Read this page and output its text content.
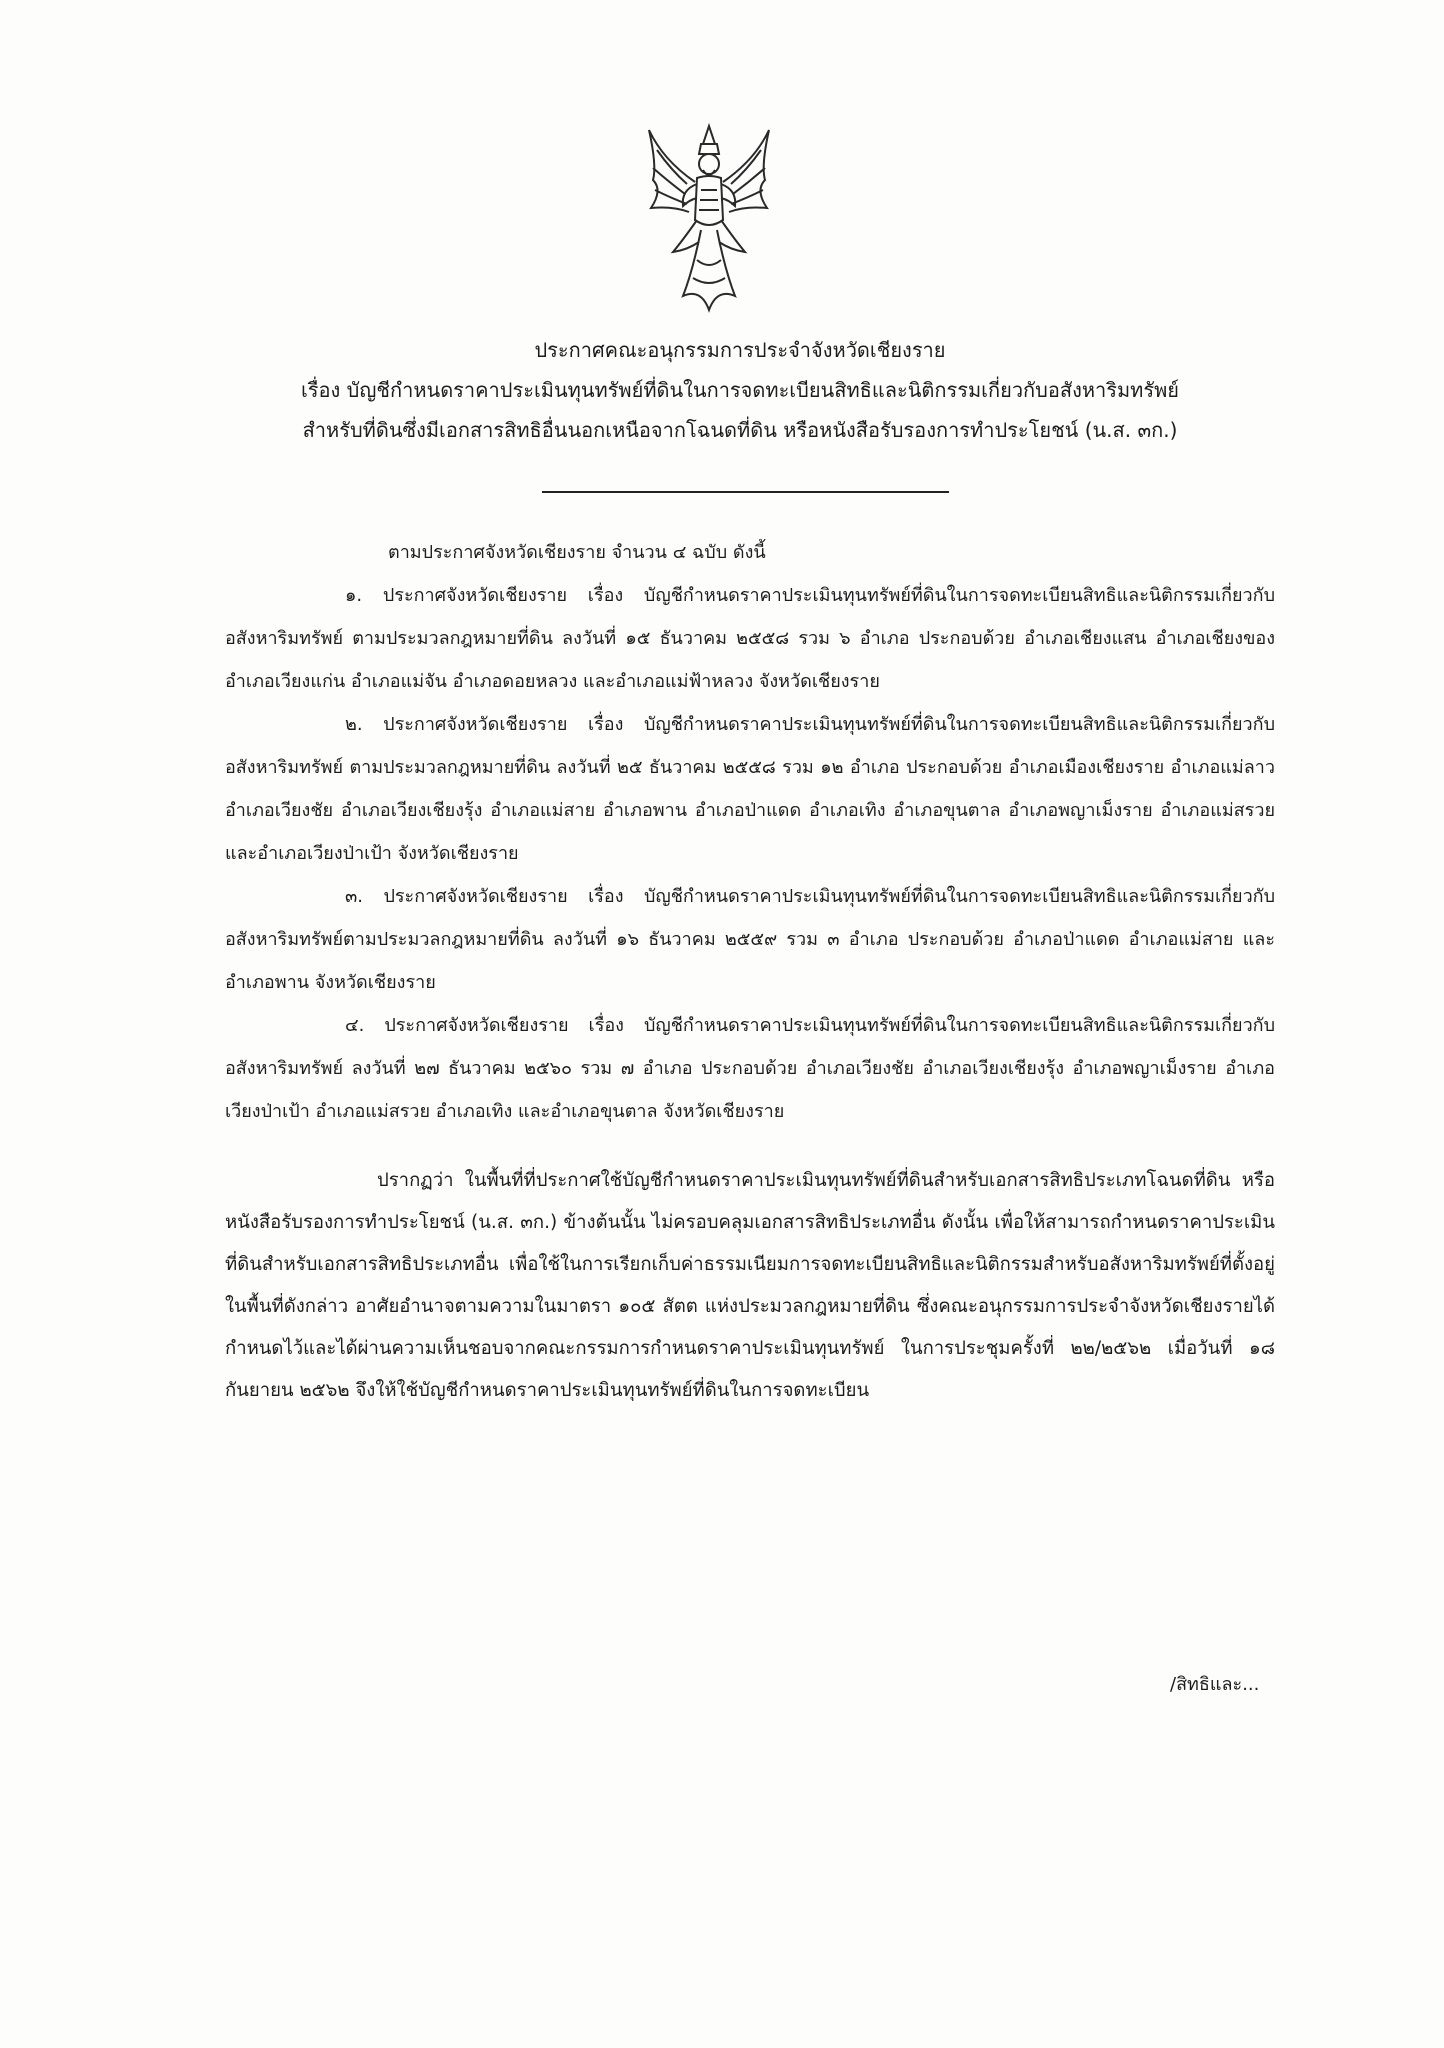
ประกาศคณะอนุกรรมการประจำจังหวัดเชียงราย
เรื่อง บัญชีกำหนดราคาประเมินทุนทรัพย์ที่ดินในการจดทะเบียนสิทธิและนิติกรรมเกี่ยวกับอสังหาริมทรัพย์
สำหรับที่ดินซึ่งมีเอกสารสิทธิอื่นนอกเหนือจากโฉนดที่ดิน หรือหนังสือรับรองการทำประโยชน์ (น.ส. ๓ก.)

ตามประกาศจังหวัดเชียงราย จำนวน ๔ ฉบับ ดังนี้

๑. ประกาศจังหวัดเชียงราย เรื่อง บัญชีกำหนดราคาประเมินทุนทรัพย์ที่ดินในการจดทะเบียนสิทธิและนิติกรรมเกี่ยวกับอสังหาริมทรัพย์ ตามประมวลกฎหมายที่ดิน ลงวันที่ ๑๕ ธันวาคม ๒๕๕๘ รวม ๖ อำเภอ ประกอบด้วย อำเภอเชียงแสน อำเภอเชียงของ อำเภอเวียงแก่น อำเภอแม่จัน อำเภอดอยหลวง และอำเภอแม่ฟ้าหลวง จังหวัดเชียงราย

๒. ประกาศจังหวัดเชียงราย เรื่อง บัญชีกำหนดราคาประเมินทุนทรัพย์ที่ดินในการจดทะเบียนสิทธิและนิติกรรมเกี่ยวกับอสังหาริมทรัพย์ ตามประมวลกฎหมายที่ดิน ลงวันที่ ๒๕ ธันวาคม ๒๕๕๘ รวม ๑๒ อำเภอ ประกอบด้วย อำเภอเมืองเชียงราย อำเภอแม่ลาว อำเภอเวียงชัย อำเภอเวียงเชียงรุ้ง อำเภอแม่สาย อำเภอพาน อำเภอป่าแดด อำเภอเทิง อำเภอขุนตาล อำเภอพญาเม็งราย อำเภอแม่สรวย และอำเภอเวียงป่าเป้า จังหวัดเชียงราย

๓. ประกาศจังหวัดเชียงราย เรื่อง บัญชีกำหนดราคาประเมินทุนทรัพย์ที่ดินในการจดทะเบียนสิทธิและนิติกรรมเกี่ยวกับอสังหาริมทรัพย์ตามประมวลกฎหมายที่ดิน ลงวันที่ ๑๖ ธันวาคม ๒๕๕๙ รวม ๓ อำเภอ ประกอบด้วย อำเภอป่าแดด อำเภอแม่สาย และอำเภอพาน จังหวัดเชียงราย

๔. ประกาศจังหวัดเชียงราย เรื่อง บัญชีกำหนดราคาประเมินทุนทรัพย์ที่ดินในการจดทะเบียนสิทธิและนิติกรรมเกี่ยวกับอสังหาริมทรัพย์ ลงวันที่ ๒๗ ธันวาคม ๒๕๖๐ รวม ๗ อำเภอ ประกอบด้วย อำเภอเวียงชัย อำเภอเวียงเชียงรุ้ง อำเภอพญาเม็งราย อำเภอเวียงป่าเป้า อำเภอแม่สรวย อำเภอเทิง และอำเภอขุนตาล จังหวัดเชียงราย

ปรากฏว่า ในพื้นที่ที่ประกาศใช้บัญชีกำหนดราคาประเมินทุนทรัพย์ที่ดินสำหรับเอกสารสิทธิประเภทโฉนดที่ดิน หรือหนังสือรับรองการทำประโยชน์ (น.ส. ๓ก.) ข้างต้นนั้น ไม่ครอบคลุมเอกสารสิทธิประเภทอื่น ดังนั้น เพื่อให้สามารถกำหนดราคาประเมินที่ดินสำหรับเอกสารสิทธิประเภทอื่น เพื่อใช้ในการเรียกเก็บค่าธรรมเนียมการจดทะเบียนสิทธิและนิติกรรมสำหรับอสังหาริมทรัพย์ที่ตั้งอยู่ในพื้นที่ดังกล่าว อาศัยอำนาจตามความในมาตรา ๑๐๕ สัตต แห่งประมวลกฎหมายที่ดิน ซึ่งคณะอนุกรรมการประจำจังหวัดเชียงรายได้กำหนดไว้และได้ผ่านความเห็นชอบจากคณะกรรมการกำหนดราคาประเมินทุนทรัพย์ ในการประชุมครั้งที่ ๒๒/๒๕๖๒ เมื่อวันที่ ๑๘ กันยายน ๒๕๖๒ จึงให้ใช้บัญชีกำหนดราคาประเมินทุนทรัพย์ที่ดินในการจดทะเบียน

/สิทธิและ...
